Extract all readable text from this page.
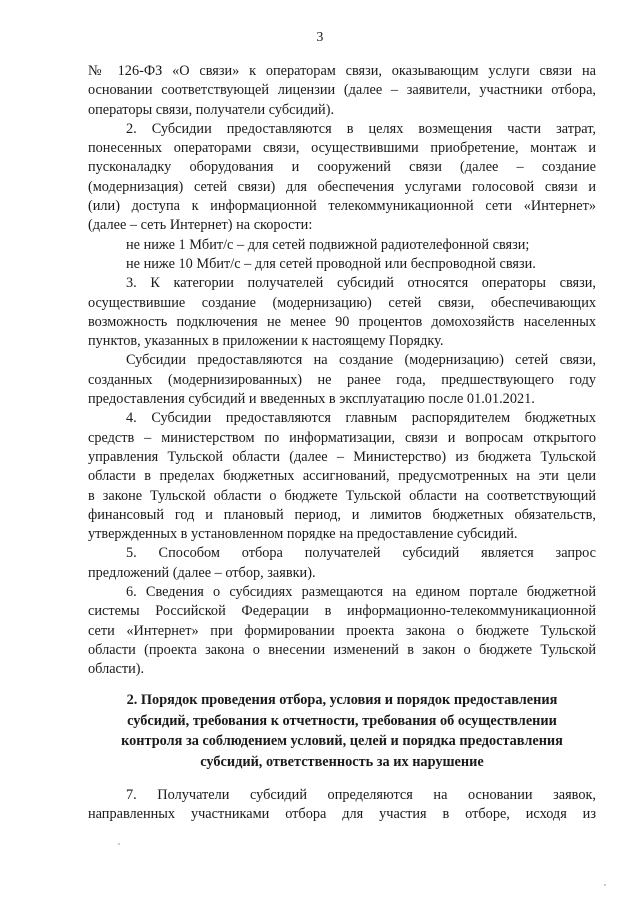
3
№ 126-ФЗ «О связи» к операторам связи, оказывающим услуги связи на
основании соответствующей лицензии (далее – заявители, участники отбора,
операторы связи, получатели субсидий).
2. Субсидии предоставляются в целях возмещения части затрат,
понесенных операторами связи, осуществившими приобретение, монтаж и
пусконаладку оборудования и сооружений связи (далее – создание
(модернизация) сетей связи) для обеспечения услугами голосовой связи и
(или) доступа к информационной телекоммуникационной сети «Интернет»
(далее – сеть Интернет) на скорости:
не ниже 1 Мбит/с – для сетей подвижной радиотелефонной связи;
не ниже 10 Мбит/с – для сетей проводной или беспроводной связи.
3. К категории получателей субсидий относятся операторы связи,
осуществившие создание (модернизацию) сетей связи, обеспечивающих
возможность подключения не менее 90 процентов домохозяйств населенных
пунктов, указанных в приложении к настоящему Порядку.
Субсидии предоставляются на создание (модернизацию) сетей связи,
созданных (модернизированных) не ранее года, предшествующего году
предоставления субсидий и введенных в эксплуатацию после 01.01.2021.
4. Субсидии предоставляются главным распорядителем бюджетных
средств – министерством по информатизации, связи и вопросам открытого
управления Тульской области (далее – Министерство) из бюджета Тульской
области в пределах бюджетных ассигнований, предусмотренных на эти цели
в законе Тульской области о бюджете Тульской области на соответствующий
финансовый год и плановый период, и лимитов бюджетных обязательств,
утвержденных в установленном порядке на предоставление субсидий.
5. Способом отбора получателей субсидий является запрос
предложений (далее – отбор, заявки).
6. Сведения о субсидиях размещаются на едином портале бюджетной
системы Российской Федерации в информационно-телекоммуникационной
сети «Интернет» при формировании проекта закона о бюджете Тульской
области (проекта закона о внесении изменений в закон о бюджете Тульской
области).
2. Порядок проведения отбора, условия и порядок предоставления
субсидий, требования к отчетности, требования об осуществлении
контроля за соблюдением условий, целей и порядка предоставления
субсидий, ответственность за их нарушение
7. Получатели субсидий определяются на основании заявок,
направленных участниками отбора для участия в отборе, исходя из
